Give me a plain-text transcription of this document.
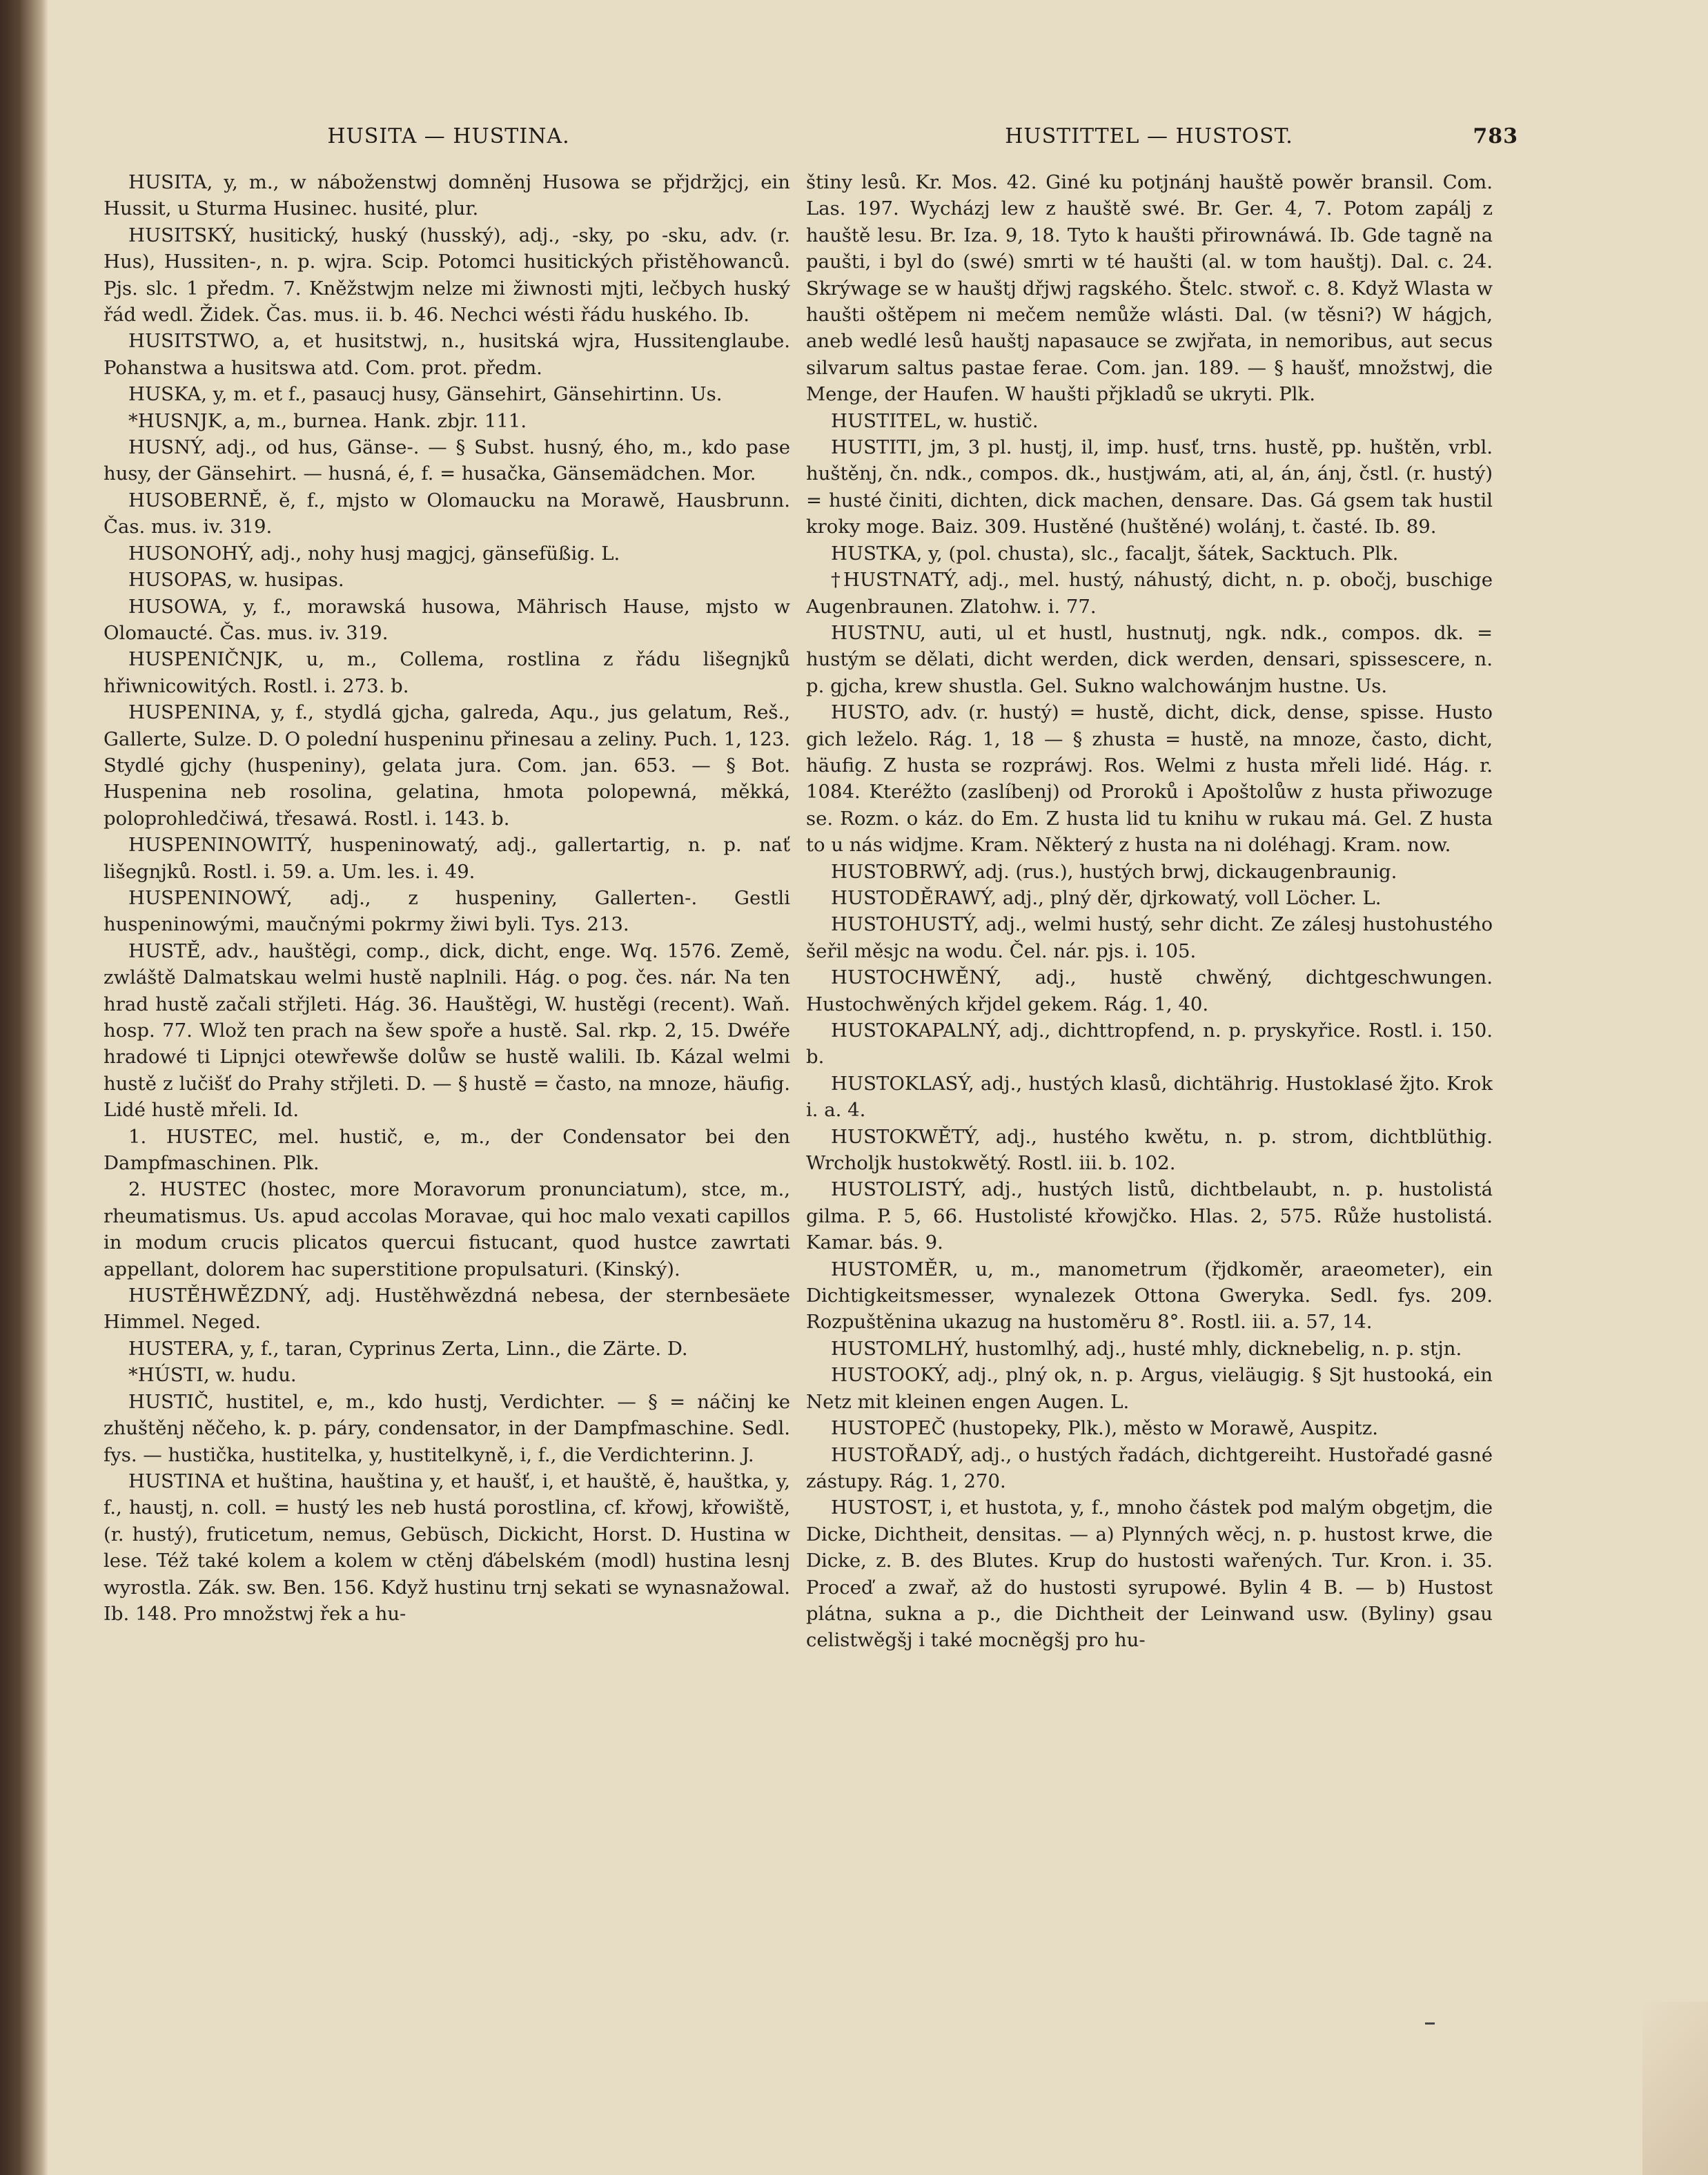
HUSITA — HUSTINA.	HUSTITTEL — HUSTOST.	783

HUSITA, y, m., w náboženstwj domněnj Husowa se přjdržjcj, ein Hussit, u Sturma Husinec. husité, plur.

HUSITSKÝ, husitický, huský (husský), adj., -sky, po -sku, adv. (r. Hus), Hussiten-, n. p. wjra. Scip. Potomci husitických přistěhowanců. Pjs. slc. 1 předm. 7. Kněžstwjm nelze mi žiwnosti mjti, lečbych huský řád wedl. Židek. Čas. mus. ii. b. 46. Nechci wésti řádu huského. Ib.

HUSITSTWO, a, et husitstwj, n., husitská wjra, Hussitenglaube. Pohanstwa a husitswa atd. Com. prot. předm.

HUSKA, y, m. et f., pasaucj husy, Gänsehirt, Gänsehirtinn. Us.

*HUSNJK, a, m., burnea. Hank. zbjr. 111.

HUSNÝ, adj., od hus, Gänse-. — § Subst. husný, ého, m., kdo pase husy, der Gänsehirt. — husná, é, f. = husačka, Gänsemädchen. Mor.

HUSOBERNĚ, ě, f., mjsto w Olomaucku na Morawě, Hausbrunn. Čas. mus. iv. 319.

HUSONOHÝ, adj., nohy husj magjcj, gänsefüßig. L.

HUSOPAS, w. husipas.

HUSOWA, y, f., morawská husowa, Mährisch Hause, mjsto w Olomaucté. Čas. mus. iv. 319.

HUSPENIČNJK, u, m., Collema, rostlina z řádu lišegnjků hřiwnicowitých. Rostl. i. 273. b.

HUSPENINA, y, f., stydlá gjcha, galreda, Aqu., jus gelatum, Reš., Gallerte, Sulze. D. O polední huspeninu přinesau a zeliny. Puch. 1, 123. Stydlé gjchy (huspeniny), gelata jura. Com. jan. 653. — § Bot. Huspenina neb rosolina, gelatina, hmota polopewná, měkká, poloprohledčiwá, třesawá. Rostl. i. 143. b.

HUSPENINOWITÝ, huspeninowatý, adj., gallertartig, n. p. nať lišegnjků. Rostl. i. 59. a. Um. les. i. 49.

HUSPENINOWÝ, adj., z huspeniny, Gallerten-. Gestli huspeninowými, maučnými pokrmy žiwi byli. Tys. 213.

HUSTĚ, adv., hauštěgi, comp., dick, dicht, enge. Wq. 1576. Země, zwláště Dalmatskau welmi hustě naplnili. Hág. o pog. čes. nár. Na ten hrad hustě začali střjleti. Hág. 36. Hauštěgi, W. hustěgi (recent). Waň. hosp. 77. Wlož ten prach na šew spoře a hustě. Sal. rkp. 2, 15. Dwéře hradowé ti Lipnjci otewřewše dolůw se hustě walili. Ib. Kázal welmi hustě z lučišť do Prahy střjleti. D. — § hustě = často, na mnoze, häufig. Lidé hustě mřeli. Id.

1. HUSTEC, mel. hustič, e, m., der Condensator bei den Dampfmaschinen. Plk.

2. HUSTEC (hostec, more Moravorum pronunciatum), stce, m., rheumatismus. Us. apud accolas Moravae, qui hoc malo vexati capillos in modum crucis plicatos quercui fistucant, quod hustce zawrtati appellant, dolorem hac superstitione propulsaturi. (Kinský).

HUSTĚHWĚZDNÝ, adj. Hustěhwězdná nebesa, der sternbesäete Himmel. Neged.

HUSTERA, y, f., taran, Cyprinus Zerta, Linn., die Zärte. D.

*HÚSTI, w. hudu.

HUSTIČ, hustitel, e, m., kdo hustj, Verdichter. — § = náčinj ke zhuštěnj něčeho, k. p. páry, condensator, in der Dampfmaschine. Sedl. fys. — hustička, hustitelka, y, hustitelkyně, i, f., die Verdichterinn. J.

HUSTINA et huština, hauština y, et haušť, i, et hauště, ě, hauštka, y, f., haustj, n. coll. = hustý les neb hustá porostlina, cf. křowj, křowiště, (r. hustý), fruticetum, nemus, Gebüsch, Dickicht, Horst. D. Hustina w lese. Též také kolem a kolem w ctěnj ďábelském (modl) hustina lesnj wyrostla. Zák. sw. Ben. 156. Když hustinu trnj sekati se wynasnažowal. Ib. 148. Pro množstwj řek a hu-

štiny lesů. Kr. Mos. 42. Giné ku potjnánj hauště powěr bransil. Com. Las. 197. Wycházj lew z hauště swé. Br. Ger. 4, 7. Potom zapálj z hauště lesu. Br. Iza. 9, 18. Tyto k haušti přirownáwá. Ib. Gde tagně na paušti, i byl do (swé) smrti w té haušti (al. w tom hauštj). Dal. c. 24. Skrýwage se w hauštj dřjwj ragského. Štelc. stwoř. c. 8. Když Wlasta w haušti oštěpem ni mečem nemůže wlásti. Dal. (w těsni?) W hágjch, aneb wedlé lesů hauštj napasauce se zwjřata, in nemoribus, aut secus silvarum saltus pastae ferae. Com. jan. 189. — § haušť, množstwj, die Menge, der Haufen. W haušti přjkladů se ukryti. Plk.

HUSTITEL, w. hustič.

HUSTITI, jm, 3 pl. hustj, il, imp. husť, trns. hustě, pp. huštěn, vrbl. huštěnj, čn. ndk., compos. dk., hustjwám, ati, al, án, ánj, čstl. (r. hustý) = husté činiti, dichten, dick machen, densare. Das. Gá gsem tak hustil kroky moge. Baiz. 309. Hustěné (huštěné) wolánj, t. časté. Ib. 89.

HUSTKA, y, (pol. chusta), slc., facaljt, šátek, Sacktuch. Plk.

†HUSTNATÝ, adj., mel. hustý, náhustý, dicht, n. p. obočj, buschige Augenbraunen. Zlatohw. i. 77.

HUSTNU, auti, ul et hustl, hustnutj, ngk. ndk., compos. dk. = hustým se dělati, dicht werden, dick werden, densari, spissescere, n. p. gjcha, krew shustla. Gel. Sukno walchowánjm hustne. Us.

HUSTO, adv. (r. hustý) = hustě, dicht, dick, dense, spisse. Husto gich leželo. Rág. 1, 18 — § zhusta = hustě, na mnoze, často, dicht, häufig. Z husta se rozpráwj. Ros. Welmi z husta mřeli lidé. Hág. r. 1084. Kteréžto (zaslíbenj) od Proroků i Apoštolůw z husta přiwozuge se. Rozm. o káz. do Em. Z husta lid tu knihu w rukau má. Gel. Z husta to u nás widjme. Kram. Některý z husta na ni doléhagj. Kram. now.

HUSTOBRWÝ, adj. (rus.), hustých brwj, dickaugenbraunig.

HUSTODĚRAWÝ, adj., plný děr, djrkowatý, voll Löcher. L.

HUSTOHUSTÝ, adj., welmi hustý, sehr dicht. Ze zálesj hustohustého šeřil měsjc na wodu. Čel. nár. pjs. i. 105.

HUSTOCHWĚNÝ, adj., hustě chwěný, dichtgeschwungen. Hustochwěných křjdel gekem. Rág. 1, 40.

HUSTOKAPALNÝ, adj., dichttropfend, n. p. pryskyřice. Rostl. i. 150. b.

HUSTOKLASÝ, adj., hustých klasů, dichtährig. Hustoklasé žjto. Krok i. a. 4.

HUSTOKWĚTÝ, adj., hustého kwětu, n. p. strom, dichtblüthig. Wrcholjk hustokwětý. Rostl. iii. b. 102.

HUSTOLISTÝ, adj., hustých listů, dichtbelaubt, n. p. hustolistá gilma. P. 5, 66. Hustolisté křowjčko. Hlas. 2, 575. Růže hustolistá. Kamar. bás. 9.

HUSTOMĚR, u, m., manometrum (řjdkoměr, araeometer), ein Dichtigkeitsmesser, wynalezek Ottona Gweryka. Sedl. fys. 209. Rozpuštěnina ukazug na hustoměru 8°. Rostl. iii. a. 57, 14.

HUSTOMLHÝ, hustomlhý, adj., husté mhly, dicknebelig, n. p. stjn.

HUSTOOKÝ, adj., plný ok, n. p. Argus, vieläugig. § Sjt hustooká, ein Netz mit kleinen engen Augen. L.

HUSTOPEČ (hustopeky, Plk.), město w Morawě, Auspitz.

HUSTOŘADÝ, adj., o hustých řadách, dichtgereiht. Hustořadé gasné zástupy. Rág. 1, 270.

HUSTOST, i, et hustota, y, f., mnoho částek pod malým obgetjm, die Dicke, Dichtheit, densitas. — a) Plynných wěcj, n. p. hustost krwe, die Dicke, z. B. des Blutes. Krup do hustosti wařených. Tur. Kron. i. 35. Proceď a zwař, až do hustosti syrupowé. Bylin 4 B. — b) Hustost plátna, sukna a p., die Dichtheit der Leinwand usw. (Byliny) gsau celistwěgšj i také mocněgšj pro hu-
